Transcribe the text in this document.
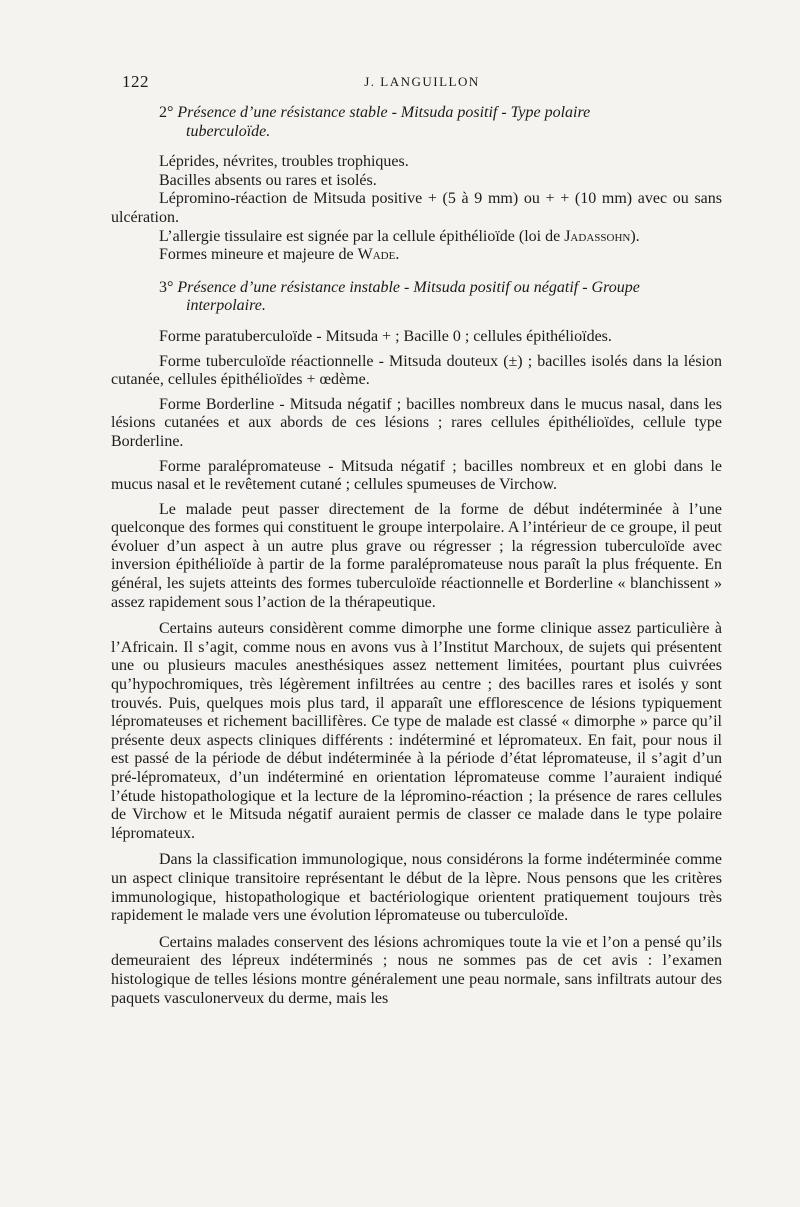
122	J. LANGUILLON

2° Présence d’une résistance stable - Mitsuda positif - Type polaire
tuberculoïde.

Léprides, névrites, troubles trophiques.

Bacilles absents ou rares et isolés.

Lépromino-réaction de Mitsuda positive + (5 à 9 mm) ou + + (10 mm) avec ou sans ulcération.

L’allergie tissulaire est signée par la cellule épithélioïde (loi de Jadassohn).

Formes mineure et majeure de Wade.

3° Présence d’une résistance instable - Mitsuda positif ou négatif - Groupe
interpolaire.

Forme paratuberculoïde - Mitsuda + ; Bacille 0 ; cellules épithélioïdes.

Forme tuberculoïde réactionnelle - Mitsuda douteux (±) ; bacilles isolés dans la lésion cutanée, cellules épithélioïdes + œdème.

Forme Borderline - Mitsuda négatif ; bacilles nombreux dans le mucus nasal, dans les lésions cutanées et aux abords de ces lésions ; rares cellules épithélioïdes, cellule type Borderline.

Forme paralépromateuse - Mitsuda négatif ; bacilles nombreux et en globi dans le mucus nasal et le revêtement cutané ; cellules spumeuses de Virchow.

Le malade peut passer directement de la forme de début indéterminée à l’une quelconque des formes qui constituent le groupe interpolaire. A l’intérieur de ce groupe, il peut évoluer d’un aspect à un autre plus grave ou régresser ; la régression tuberculoïde avec inversion épithélioïde à partir de la forme paralépromateuse nous paraît la plus fréquente. En général, les sujets atteints des formes tuberculoïde réactionnelle et Borderline « blanchissent » assez rapidement sous l’action de la thérapeutique.

Certains auteurs considèrent comme dimorphe une forme clinique assez particulière à l’Africain. Il s’agit, comme nous en avons vus à l’Institut Marchoux, de sujets qui présentent une ou plusieurs macules anesthésiques assez nettement limitées, pourtant plus cuivrées qu’hypochromiques, très légèrement infiltrées au centre ; des bacilles rares et isolés y sont trouvés. Puis, quelques mois plus tard, il apparaît une efflorescence de lésions typiquement lépromateuses et richement bacillifères. Ce type de malade est classé « dimorphe » parce qu’il présente deux aspects cliniques différents : indéterminé et lépromateux. En fait, pour nous il est passé de la période de début indéterminée à la période d’état lépromateuse, il s’agit d’un pré-lépromateux, d’un indéterminé en orientation lépromateuse comme l’auraient indiqué l’étude histopathologique et la lecture de la lépromino-réaction ; la présence de rares cellules de Virchow et le Mitsuda négatif auraient permis de classer ce malade dans le type polaire lépromateux.

Dans la classification immunologique, nous considérons la forme indéterminée comme un aspect clinique transitoire représentant le début de la lèpre. Nous pensons que les critères immunologique, histopathologique et bactériologique orientent pratiquement toujours très rapidement le malade vers une évolution lépromateuse ou tuberculoïde.

Certains malades conservent des lésions achromiques toute la vie et l’on a pensé qu’ils demeuraient des lépreux indéterminés ; nous ne sommes pas de cet avis : l’examen histologique de telles lésions montre généralement une peau normale, sans infiltrats autour des paquets vasculonerveux du derme, mais les
